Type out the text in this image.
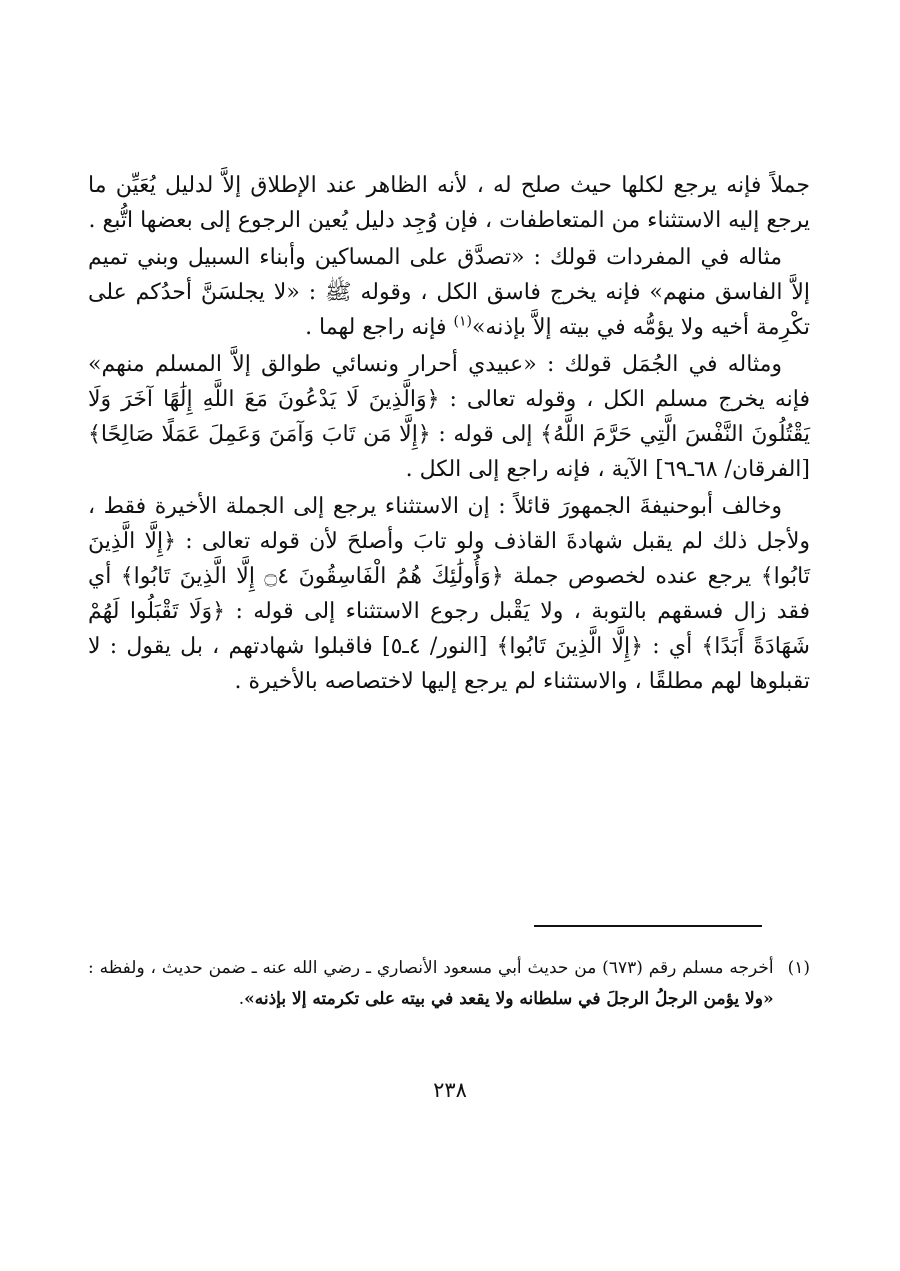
جملاً فإنه يرجع لكلها حيث صلح له ، لأنه الظاهر عند الإطلاق إلاَّ لدليل يُعَيِّن ما يرجع إليه الاستثناء من المتعاطفات ، فإن وُجِد دليل يُعين الرجوع إلى بعضها اتُّبع .

مثاله في المفردات قولك : «تصدَّق على المساكين وأبناء السبيل وبني تميم إلاَّ الفاسق منهم» فإنه يخرج فاسق الكل ، وقوله ﷺ : «لا يجلسَنَّ أحدُكم على تكْرِمة أخيه ولا يؤمُّه في بيته إلاَّ بإذنه»$^{(١)}$ فإنه راجع لهما .

ومثاله في الجُمَل قولك : «عبيدي أحرار ونسائي طوالق إلاَّ المسلم منهم» فإنه يخرج مسلم الكل ، وقوله تعالى : ﴿وَالَّذِينَ لَا يَدْعُونَ مَعَ اللَّهِ إِلَٰهًا آخَرَ وَلَا يَقْتُلُونَ النَّفْسَ الَّتِي حَرَّمَ اللَّهُ﴾ إلى قوله : ﴿إِلَّا مَن تَابَ وَآمَنَ وَعَمِلَ عَمَلًا صَالِحًا﴾ [الفرقان/ ٦٨ـ٦٩] الآية ، فإنه راجع إلى الكل .

وخالف أبوحنيفةَ الجمهورَ قائلاً : إن الاستثناء يرجع إلى الجملة الأخيرة فقط ، ولأجل ذلك لم يقبل شهادةَ القاذف ولو تابَ وأصلحَ لأن قوله تعالى : ﴿إِلَّا الَّذِينَ تَابُوا﴾ يرجع عنده لخصوص جملة ﴿وَأُولَٰئِكَ هُمُ الْفَاسِقُونَ ۝٤ إِلَّا الَّذِينَ تَابُوا﴾ أي فقد زال فسقهم بالتوبة ، ولا يَقْبل رجوع الاستثناء إلى قوله : ﴿وَلَا تَقْبَلُوا لَهُمْ شَهَادَةً أَبَدًا﴾ أي : ﴿إِلَّا الَّذِينَ تَابُوا﴾ [النور/ ٤ـ٥] فاقبلوا شهادتهم ، بل يقول : لا تقبلوها لهم مطلقًا ، والاستثناء لم يرجع إليها لاختصاصه بالأخيرة .

(١)
أخرجه مسلم رقم (٦٧٣) من حديث أبي مسعود الأنصاري ـ رضي الله عنه ـ ضمن حديث ، ولفظه : «ولا يؤمن الرجلُ الرجلَ في سلطانه ولا يقعد في بيته على تكرمته إلا بإذنه».
٢٣٨
